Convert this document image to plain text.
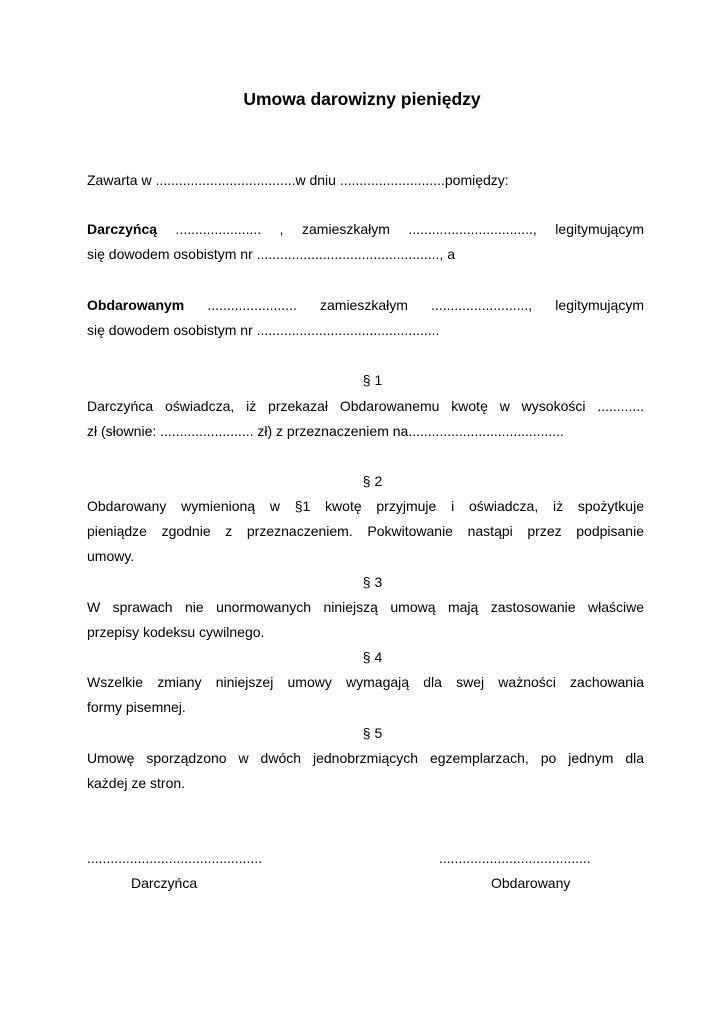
Umowa darowizny pieniędzy
Zawarta w ....................................w dniu ...........................pomiędzy:
Darczyńcą ...................... , zamieszkałym ................................, legitymującym
się dowodem osobistym nr ..............................................., a
Obdarowanym ....................... zamieszkałym ........................., legitymującym
się dowodem osobistym nr ...............................................
§ 1
Darczyńca oświadcza, iż przekazał Obdarowanemu kwotę w wysokości ............
zł (słownie: ........................ zł) z przeznaczeniem na........................................
§ 2
Obdarowany wymienioną w §1 kwotę przyjmuje i oświadcza, iż spożytkuje
pieniądze zgodnie z przeznaczeniem. Pokwitowanie nastąpi przez podpisanie
umowy.
§ 3
W sprawach nie unormowanych niniejszą umową mają zastosowanie właściwe
przepisy kodeksu cywilnego.
§ 4
Wszelkie zmiany niniejszej umowy wymagają dla swej ważności zachowania
formy pisemnej.
§ 5
Umowę sporządzono w dwóch jednobrzmiących egzemplarzach, po jednym dla
każdej ze stron.
.............................................	.......................................
Darczyńca	Obdarowany
